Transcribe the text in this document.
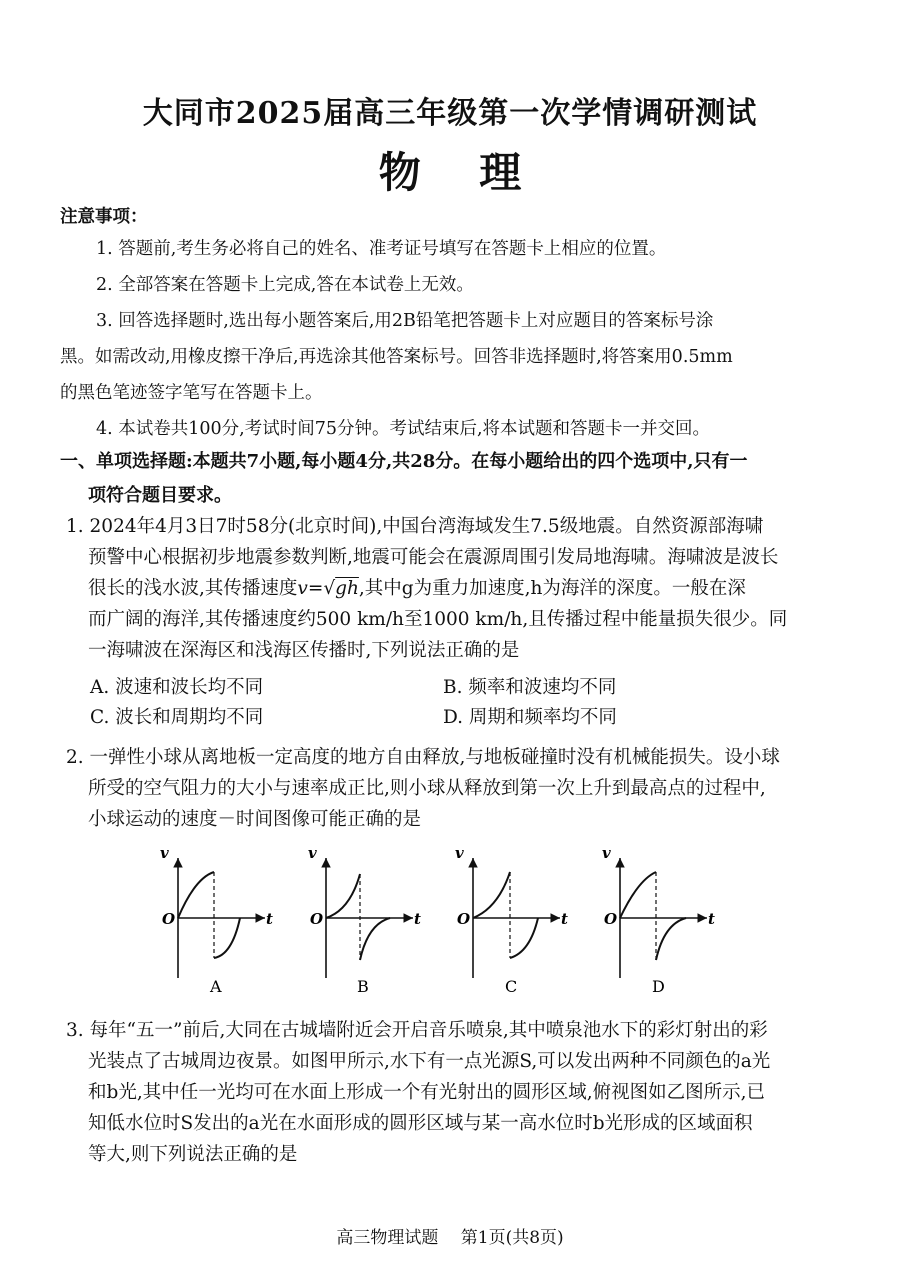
大同市2025届高三年级第一次学情调研测试
物 理
注意事项：
1. 答题前,考生务必将自己的姓名、准考证号填写在答题卡上相应的位置。
2. 全部答案在答题卡上完成,答在本试卷上无效。
3. 回答选择题时,选出每小题答案后,用2B铅笔把答题卡上对应题目的答案标号涂
黑。如需改动,用橡皮擦干净后,再选涂其他答案标号。回答非选择题时,将答案用0.5mm
的黑色笔迹签字笔写在答题卡上。
4. 本试卷共100分,考试时间75分钟。考试结束后,将本试题和答题卡一并交回。
一、单项选择题:本题共7小题,每小题4分,共28分。在每小题给出的四个选项中,只有一
项符合题目要求。
1. 2024年4月3日7时58分(北京时间),中国台湾海域发生7.5级地震。自然资源部海啸
预警中心根据初步地震参数判断,地震可能会在震源周围引发局地海啸。海啸波是波长
很长的浅水波,其传播速度v=√gh,其中g为重力加速度,h为海洋的深度。一般在深
而广阔的海洋,其传播速度约500 km/h至1000 km/h,且传播过程中能量损失很少。同
一海啸波在深海区和浅海区传播时,下列说法正确的是
A. 波速和波长均不同	B. 频率和波速均不同
C. 波长和周期均不同	D. 周期和频率均不同
2. 一弹性小球从离地板一定高度的地方自由释放,与地板碰撞时没有机械能损失。设小球
所受的空气阻力的大小与速率成正比,则小球从释放到第一次上升到最高点的过程中,
小球运动的速度－时间图像可能正确的是
v
t
O
A
v
t
O
B
v
t
O
C
v
t
O
D
3. 每年“五一”前后,大同在古城墙附近会开启音乐喷泉,其中喷泉池水下的彩灯射出的彩
光装点了古城周边夜景。如图甲所示,水下有一点光源S,可以发出两种不同颜色的a光
和b光,其中任一光均可在水面上形成一个有光射出的圆形区域,俯视图如乙图所示,已
知低水位时S发出的a光在水面形成的圆形区域与某一高水位时b光形成的区域面积
等大,则下列说法正确的是
高三物理试题　 第1页(共8页)
